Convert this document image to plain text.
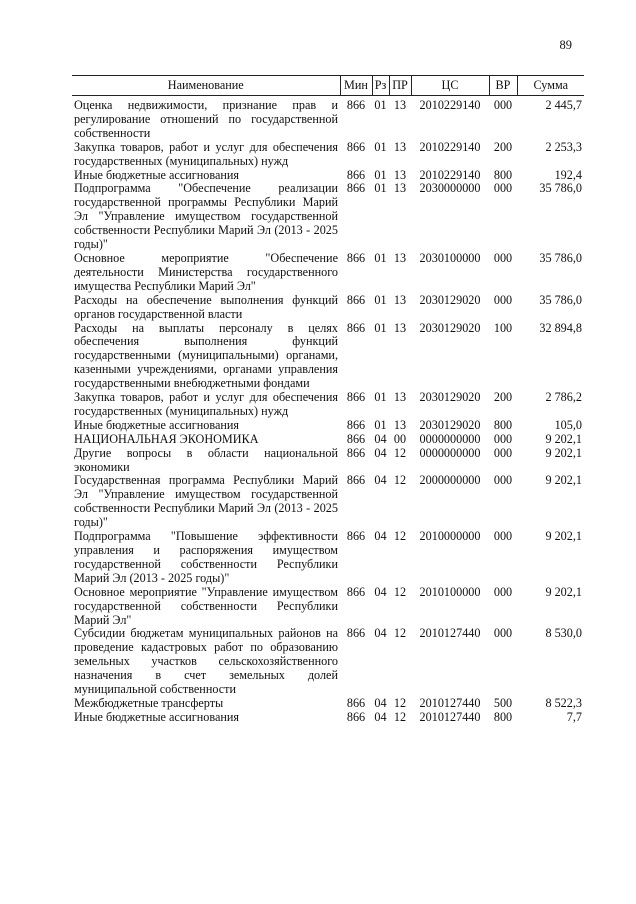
89
Наименование	Мин	Рз	ПР	ЦС	ВР	Сумма
Оценка недвижимости, признание прав и регулирование отношений по государственной собственности	866	01	13	2010229140	000	2 445,7
Закупка товаров, работ и услуг для обеспечения государственных (муниципальных) нужд	866	01	13	2010229140	200	2 253,3
Иные бюджетные ассигнования	866	01	13	2010229140	800	192,4
Подпрограмма "Обеспечение реализации государственной программы Республики Марий Эл "Управление имуществом государственной собственности Республики Марий Эл (2013 - 2025 годы)"	866	01	13	2030000000	000	35 786,0
Основное мероприятие "Обеспечение деятельности Министерства государственного имущества Республики Марий Эл"	866	01	13	2030100000	000	35 786,0
Расходы на обеспечение выполнения функций органов государственной власти	866	01	13	2030129020	000	35 786,0
Расходы на выплаты персоналу в целях обеспечения выполнения функций государственными (муниципальными) органами, казенными учреждениями, органами управления государственными внебюджетными фондами	866	01	13	2030129020	100	32 894,8
Закупка товаров, работ и услуг для обеспечения государственных (муниципальных) нужд	866	01	13	2030129020	200	2 786,2
Иные бюджетные ассигнования	866	01	13	2030129020	800	105,0
НАЦИОНАЛЬНАЯ ЭКОНОМИКА	866	04	00	0000000000	000	9 202,1
Другие вопросы в области национальной экономики	866	04	12	0000000000	000	9 202,1
Государственная программа Республики Марий Эл "Управление имуществом государственной собственности Республики Марий Эл (2013 - 2025 годы)"	866	04	12	2000000000	000	9 202,1
Подпрограмма "Повышение эффективности управления и распоряжения имуществом государственной собственности Республики Марий Эл (2013 - 2025 годы)"	866	04	12	2010000000	000	9 202,1
Основное мероприятие "Управление имуществом государственной собственности Республики Марий Эл"	866	04	12	2010100000	000	9 202,1
Субсидии бюджетам муниципальных районов на проведение кадастровых работ по образованию земельных участков сельскохозяйственного назначения в счет земельных долей муниципальной собственности	866	04	12	2010127440	000	8 530,0
Межбюджетные трансферты	866	04	12	2010127440	500	8 522,3
Иные бюджетные ассигнования	866	04	12	2010127440	800	7,7
